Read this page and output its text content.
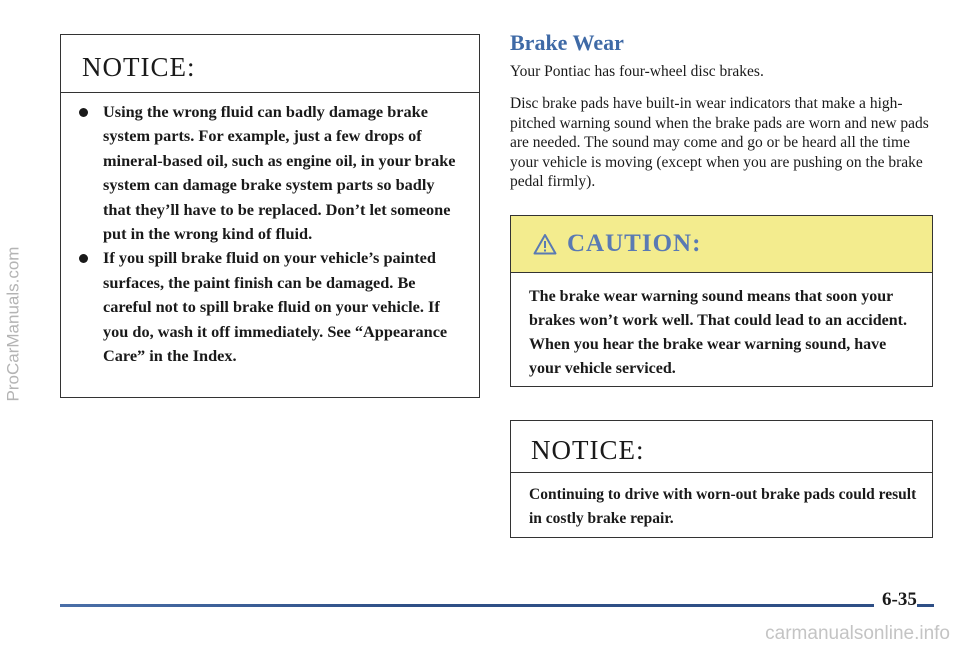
ProCarManuals.com
NOTICE:
Using the wrong fluid can badly damage brake system parts. For example, just a few drops of mineral-based oil, such as engine oil, in your brake system can damage brake system parts so badly that they’ll have to be replaced. Don’t let someone put in the wrong kind of fluid.
If you spill brake fluid on your vehicle’s painted surfaces, the paint finish can be damaged. Be careful not to spill brake fluid on your vehicle. If you do, wash it off immediately. See “Appearance Care” in the Index.
Brake Wear

Your Pontiac has four-wheel disc brakes.

Disc brake pads have built-in wear indicators that make a high-pitched warning sound when the brake pads are worn and new pads are needed. The sound may come and go or be heard all the time your vehicle is moving (except when you are pushing on the brake pedal firmly).

CAUTION:

The brake wear warning sound means that soon your brakes won’t work well. That could lead to an accident. When you hear the brake wear warning sound, have your vehicle serviced.

NOTICE:

Continuing to drive with worn-out brake pads could result in costly brake repair.

6-35
carmanualsonline.info
